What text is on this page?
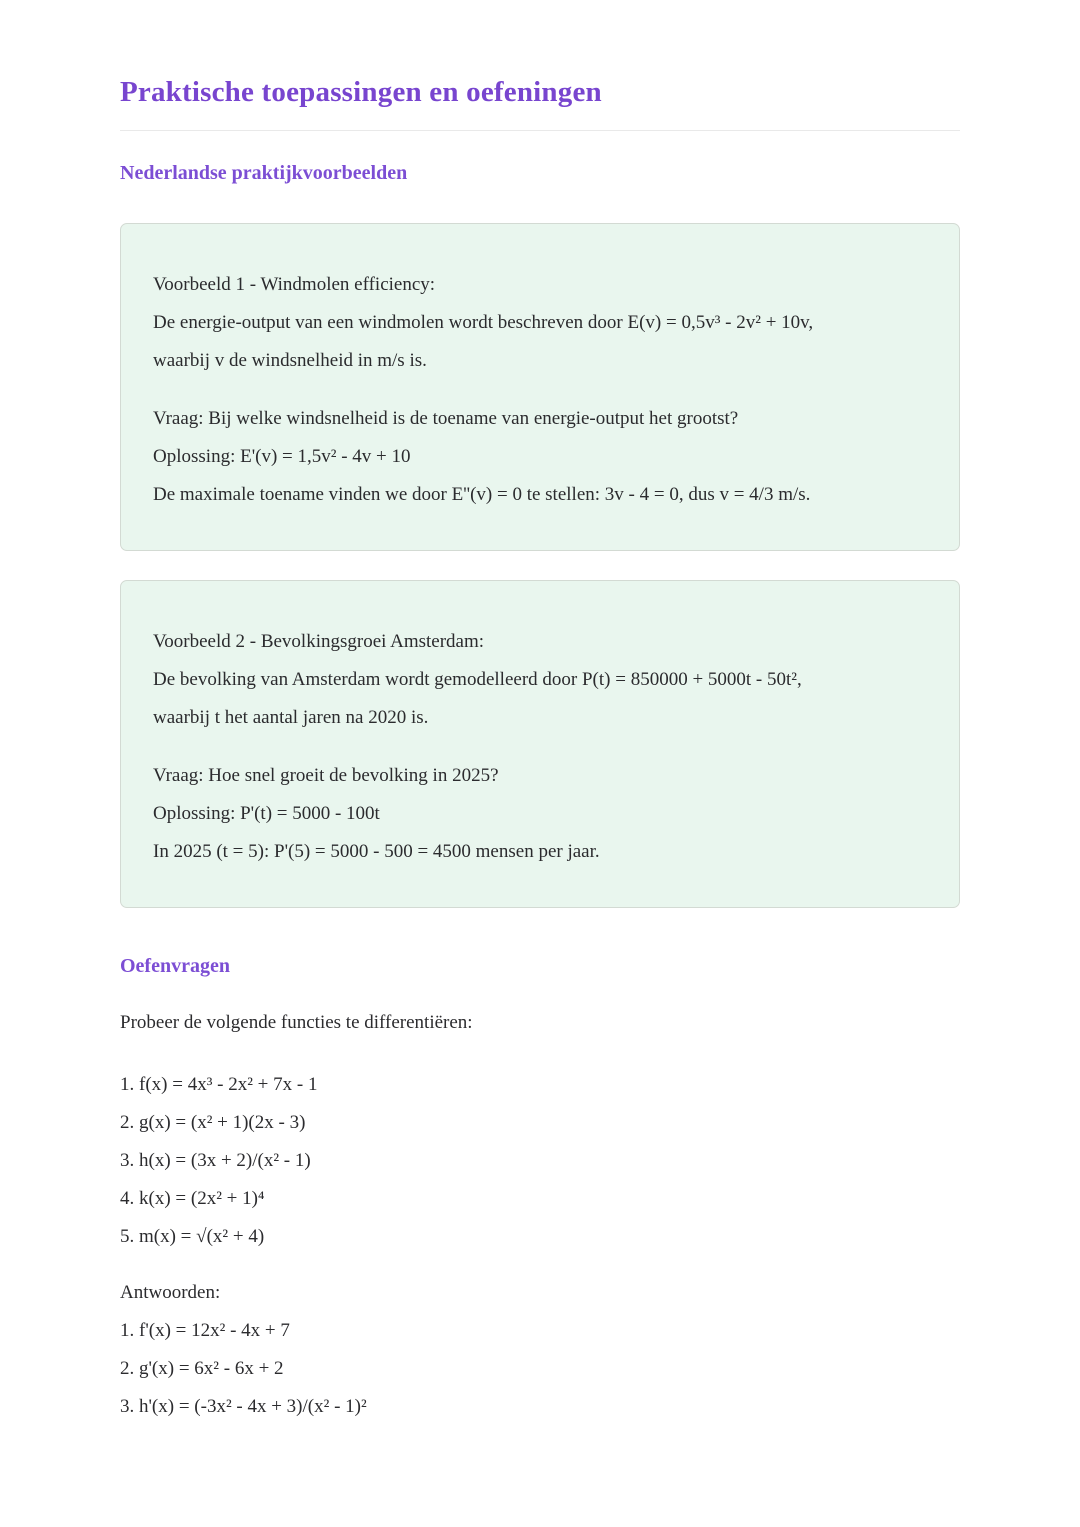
Praktische toepassingen en oefeningen
Nederlandse praktijkvoorbeelden

Voorbeeld 1 - Windmolen efficiency:
De energie-output van een windmolen wordt beschreven door E(v) = 0,5v³ - 2v² + 10v,
waarbij v de windsnelheid in m/s is.

Vraag: Bij welke windsnelheid is de toename van energie-output het grootst?
Oplossing: E'(v) = 1,5v² - 4v + 10
De maximale toename vinden we door E''(v) = 0 te stellen: 3v - 4 = 0, dus v = 4/3 m/s.

Voorbeeld 2 - Bevolkingsgroei Amsterdam:
De bevolking van Amsterdam wordt gemodelleerd door P(t) = 850000 + 5000t - 50t²,
waarbij t het aantal jaren na 2020 is.

Vraag: Hoe snel groeit de bevolking in 2025?
Oplossing: P'(t) = 5000 - 100t
In 2025 (t = 5): P'(5) = 5000 - 500 = 4500 mensen per jaar.

Oefenvragen

Probeer de volgende functies te differentiëren:

1. f(x) = 4x³ - 2x² + 7x - 1
2. g(x) = (x² + 1)(2x - 3)
3. h(x) = (3x + 2)/(x² - 1)
4. k(x) = (2x² + 1)⁴
5. m(x) = √(x² + 4)

Antwoorden:

1. f'(x) = 12x² - 4x + 7
2. g'(x) = 6x² - 6x + 2
3. h'(x) = (-3x² - 4x + 3)/(x² - 1)²
